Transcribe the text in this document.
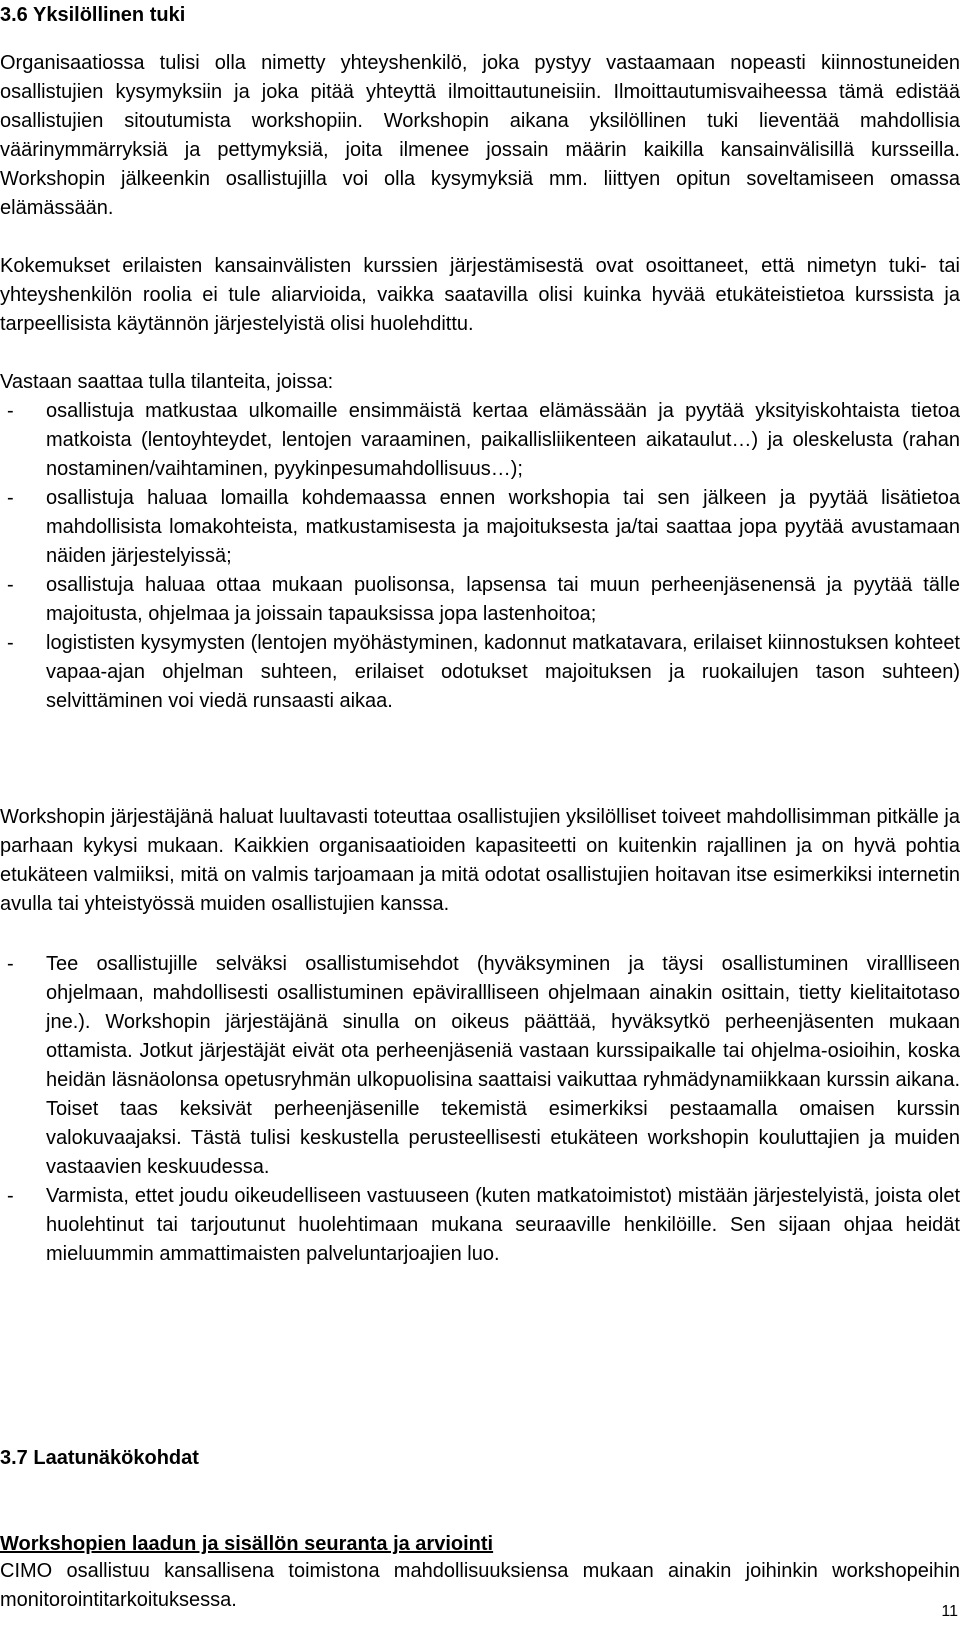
3.6 Yksilöllinen tuki

Organisaatiossa tulisi olla nimetty yhteyshenkilö, joka pystyy vastaamaan nopeasti kiinnostuneiden osallistujien kysymyksiin ja joka pitää yhteyttä ilmoittautuneisiin. Ilmoittautumisvaiheessa tämä edistää osallistujien sitoutumista workshopiin. Workshopin aikana yksilöllinen tuki lieventää mahdollisia väärinymmärryksiä ja pettymyksiä, joita ilmenee jossain määrin kaikilla kansainvälisillä kursseilla. Workshopin jälkeenkin osallistujilla voi olla kysymyksiä mm. liittyen opitun soveltamiseen omassa elämässään.

Kokemukset erilaisten kansainvälisten kurssien järjestämisestä ovat osoittaneet, että nimetyn tuki- tai yhteyshenkilön roolia ei tule aliarvioida, vaikka saatavilla olisi kuinka hyvää etukäteistietoa kurssista ja tarpeellisista käytännön järjestelyistä olisi huolehdittu.

Vastaan saattaa tulla tilanteita, joissa:

- osallistuja matkustaa ulkomaille ensimmäistä kertaa elämässään ja pyytää yksityiskohtaista tietoa matkoista (lentoyhteydet, lentojen varaaminen, paikallisliikenteen aikataulut…) ja oleskelusta (rahan nostaminen/vaihtaminen, pyykinpesumahdollisuus…);
- osallistuja haluaa lomailla kohdemaassa ennen workshopia tai sen jälkeen ja pyytää lisätietoa mahdollisista lomakohteista, matkustamisesta ja majoituksesta ja/tai saattaa jopa pyytää avustamaan näiden järjestelyissä;
- osallistuja haluaa ottaa mukaan puolisonsa, lapsensa tai muun perheenjäsenensä ja pyytää tälle majoitusta, ohjelmaa ja joissain tapauksissa jopa lastenhoitoa;
- logististen kysymysten (lentojen myöhästyminen, kadonnut matkatavara, erilaiset kiinnostuksen kohteet vapaa-ajan ohjelman suhteen, erilaiset odotukset majoituksen ja ruokailujen tason suhteen) selvittäminen voi viedä runsaasti aikaa.

Workshopin järjestäjänä haluat luultavasti toteuttaa osallistujien yksilölliset toiveet mahdollisimman pitkälle ja parhaan kykysi mukaan. Kaikkien organisaatioiden kapasiteetti on kuitenkin rajallinen ja on hyvä pohtia etukäteen valmiiksi, mitä on valmis tarjoamaan ja mitä odotat osallistujien hoitavan itse esimerkiksi internetin avulla tai yhteistyössä muiden osallistujien kanssa.

- Tee osallistujille selväksi osallistumisehdot (hyväksyminen ja täysi osallistuminen virallliseen ohjelmaan, mahdollisesti osallistuminen epävirallliseen ohjelmaan ainakin osittain, tietty kielitaitotaso jne.). Workshopin järjestäjänä sinulla on oikeus päättää, hyväksytkö perheenjäsenten mukaan ottamista. Jotkut järjestäjät eivät ota perheenjäseniä vastaan kurssipaikalle tai ohjelma-osioihin, koska heidän läsnäolonsa opetusryhmän ulkopuolisina saattaisi vaikuttaa ryhmädynamiikkaan kurssin aikana. Toiset taas keksivät perheenjäsenille tekemistä esimerkiksi pestaamalla omaisen kurssin valokuvaajaksi. Tästä tulisi keskustella perusteellisesti etukäteen workshopin kouluttajien ja muiden vastaavien keskuudessa.
- Varmista, ettet joudu oikeudelliseen vastuuseen (kuten matkatoimistot) mistään järjestelyistä, joista olet huolehtinut tai tarjoutunut huolehtimaan mukana seuraaville henkilöille. Sen sijaan ohjaa heidät mieluummin ammattimaisten palveluntarjoajien luo.
3.7 Laatunäkökohdat
Workshopien laadun ja sisällön seuranta ja arviointi

CIMO osallistuu kansallisena toimistona mahdollisuuksiensa mukaan ainakin joihinkin workshopeihin monitorointitarkoituksessa.

11
